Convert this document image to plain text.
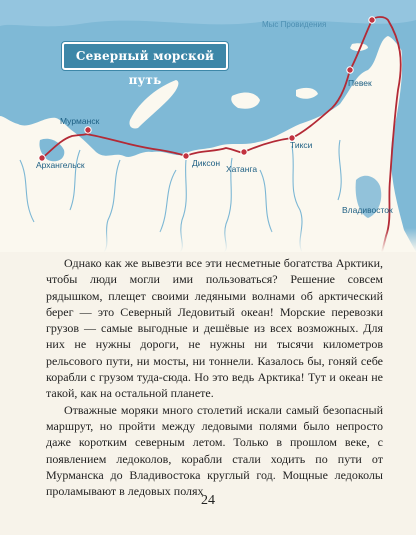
Северный морской путь
Мыс Провидения
Певек
Мурманск
Архангельск	Диксон
Хатанга
Тикси
Владивосток

Однако как же вывезти все эти несметные богатства Арктики, чтобы люди могли ими пользоваться? Решение совсем рядышком, плещет своими ледяными волнами об арктический берег — это Северный Ледовитый океан! Морские перевозки грузов — самые выгодные и дешёвые из всех возможных. Для них не нужны дороги, не нужны ни тысячи километров рельсового пути, ни мосты, ни тоннели. Казалось бы, гоняй себе корабли с грузом туда-сюда. Но это ведь Арктика! Тут и океан не такой, как на остальной планете.

Отважные моряки много столетий искали самый безопасный маршрут, но пройти между ледовыми полями было непросто даже коротким северным летом. Только в прошлом веке, с появлением ледоколов, корабли стали ходить по пути от Мурманска до Владивостока круглый год. Мощные ледоколы проламывают в ледовых полях

24
